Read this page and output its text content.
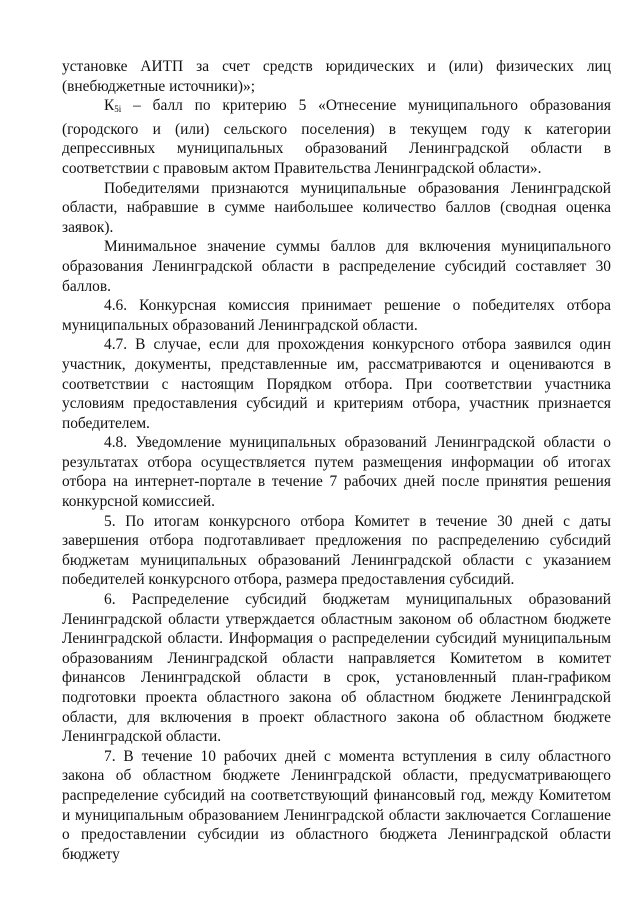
установке АИТП за счет средств юридических и (или) физических лиц (внебюджетные источники)»;

$К_{5i}$ – балл по критерию 5 «Отнесение муниципального образования (городского и (или) сельского поселения) в текущем году к категории депрессивных муниципальных образований Ленинградской области в соответствии с правовым актом Правительства Ленинградской области».

Победителями признаются муниципальные образования Ленинградской области, набравшие в сумме наибольшее количество баллов (сводная оценка заявок).

Минимальное значение суммы баллов для включения муниципального образования Ленинградской области в распределение субсидий составляет 30 баллов.

4.6. Конкурсная комиссия принимает решение о победителях отбора муниципальных образований Ленинградской области.

4.7. В случае, если для прохождения конкурсного отбора заявился один участник, документы, представленные им, рассматриваются и оцениваются в соответствии с настоящим Порядком отбора. При соответствии участника условиям предоставления субсидий и критериям отбора, участник признается победителем.

4.8. Уведомление муниципальных образований Ленинградской области о результатах отбора осуществляется путем размещения информации об итогах отбора на интернет-портале в течение 7 рабочих дней после принятия решения конкурсной комиссией.

5. По итогам конкурсного отбора Комитет в течение 30 дней с даты завершения отбора подготавливает предложения по распределению субсидий бюджетам муниципальных образований Ленинградской области с указанием победителей конкурсного отбора, размера предоставления субсидий.

6. Распределение субсидий бюджетам муниципальных образований Ленинградской области утверждается областным законом об областном бюджете Ленинградской области. Информация о распределении субсидий муниципальным образованиям Ленинградской области направляется Комитетом в комитет финансов Ленинградской области в срок, установленный план-графиком подготовки проекта областного закона об областном бюджете Ленинградской области, для включения в проект областного закона об областном бюджете Ленинградской области.

7. В течение 10 рабочих дней с момента вступления в силу областного закона об областном бюджете Ленинградской области, предусматривающего распределение субсидий на соответствующий финансовый год, между Комитетом и муниципальным образованием Ленинградской области заключается Соглашение о предоставлении субсидии из областного бюджета Ленинградской области бюджету
